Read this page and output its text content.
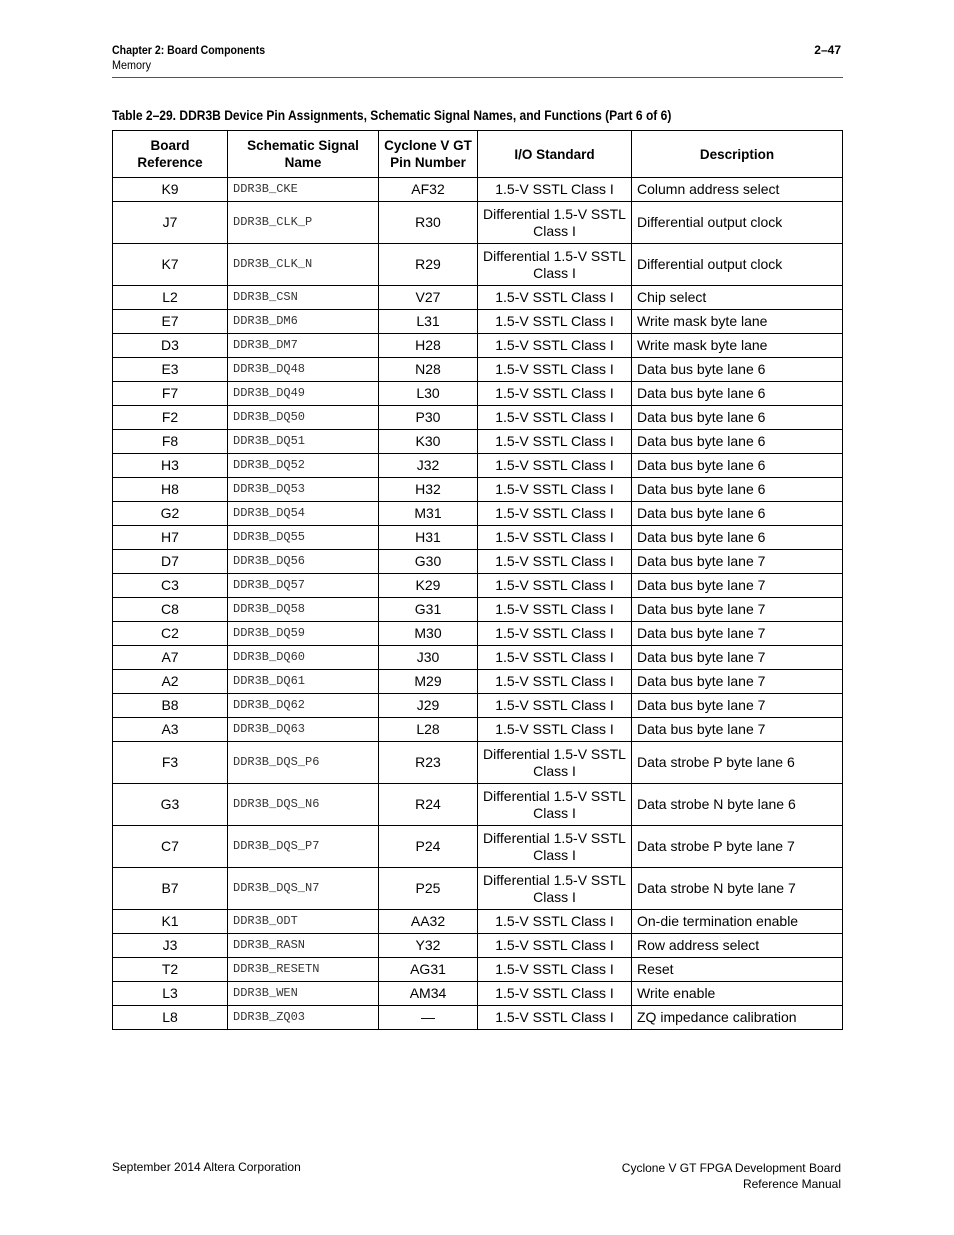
Chapter 2: Board Components
Memory
2–47
Table 2–29. DDR3B Device Pin Assignments, Schematic Signal Names, and Functions (Part 6 of 6)
Board Reference	Schematic Signal Name	Cyclone V GT Pin Number	I/O Standard	Description
K9	DDR3B_CKE	AF32	1.5-V SSTL Class I	Column address select
J7	DDR3B_CLK_P	R30	Differential 1.5-V SSTL Class I	Differential output clock
K7	DDR3B_CLK_N	R29	Differential 1.5-V SSTL Class I	Differential output clock
L2	DDR3B_CSN	V27	1.5-V SSTL Class I	Chip select
E7	DDR3B_DM6	L31	1.5-V SSTL Class I	Write mask byte lane
D3	DDR3B_DM7	H28	1.5-V SSTL Class I	Write mask byte lane
E3	DDR3B_DQ48	N28	1.5-V SSTL Class I	Data bus byte lane 6
F7	DDR3B_DQ49	L30	1.5-V SSTL Class I	Data bus byte lane 6
F2	DDR3B_DQ50	P30	1.5-V SSTL Class I	Data bus byte lane 6
F8	DDR3B_DQ51	K30	1.5-V SSTL Class I	Data bus byte lane 6
H3	DDR3B_DQ52	J32	1.5-V SSTL Class I	Data bus byte lane 6
H8	DDR3B_DQ53	H32	1.5-V SSTL Class I	Data bus byte lane 6
G2	DDR3B_DQ54	M31	1.5-V SSTL Class I	Data bus byte lane 6
H7	DDR3B_DQ55	H31	1.5-V SSTL Class I	Data bus byte lane 6
D7	DDR3B_DQ56	G30	1.5-V SSTL Class I	Data bus byte lane 7
C3	DDR3B_DQ57	K29	1.5-V SSTL Class I	Data bus byte lane 7
C8	DDR3B_DQ58	G31	1.5-V SSTL Class I	Data bus byte lane 7
C2	DDR3B_DQ59	M30	1.5-V SSTL Class I	Data bus byte lane 7
A7	DDR3B_DQ60	J30	1.5-V SSTL Class I	Data bus byte lane 7
A2	DDR3B_DQ61	M29	1.5-V SSTL Class I	Data bus byte lane 7
B8	DDR3B_DQ62	J29	1.5-V SSTL Class I	Data bus byte lane 7
A3	DDR3B_DQ63	L28	1.5-V SSTL Class I	Data bus byte lane 7
F3	DDR3B_DQS_P6	R23	Differential 1.5-V SSTL Class I	Data strobe P byte lane 6
G3	DDR3B_DQS_N6	R24	Differential 1.5-V SSTL Class I	Data strobe N byte lane 6
C7	DDR3B_DQS_P7	P24	Differential 1.5-V SSTL Class I	Data strobe P byte lane 7
B7	DDR3B_DQS_N7	P25	Differential 1.5-V SSTL Class I	Data strobe N byte lane 7
K1	DDR3B_ODT	AA32	1.5-V SSTL Class I	On-die termination enable
J3	DDR3B_RASN	Y32	1.5-V SSTL Class I	Row address select
T2	DDR3B_RESETN	AG31	1.5-V SSTL Class I	Reset
L3	DDR3B_WEN	AM34	1.5-V SSTL Class I	Write enable
L8	DDR3B_ZQ03	—	1.5-V SSTL Class I	ZQ impedance calibration
September 2014 Altera Corporation	Cyclone V GT FPGA Development Board
Reference Manual
